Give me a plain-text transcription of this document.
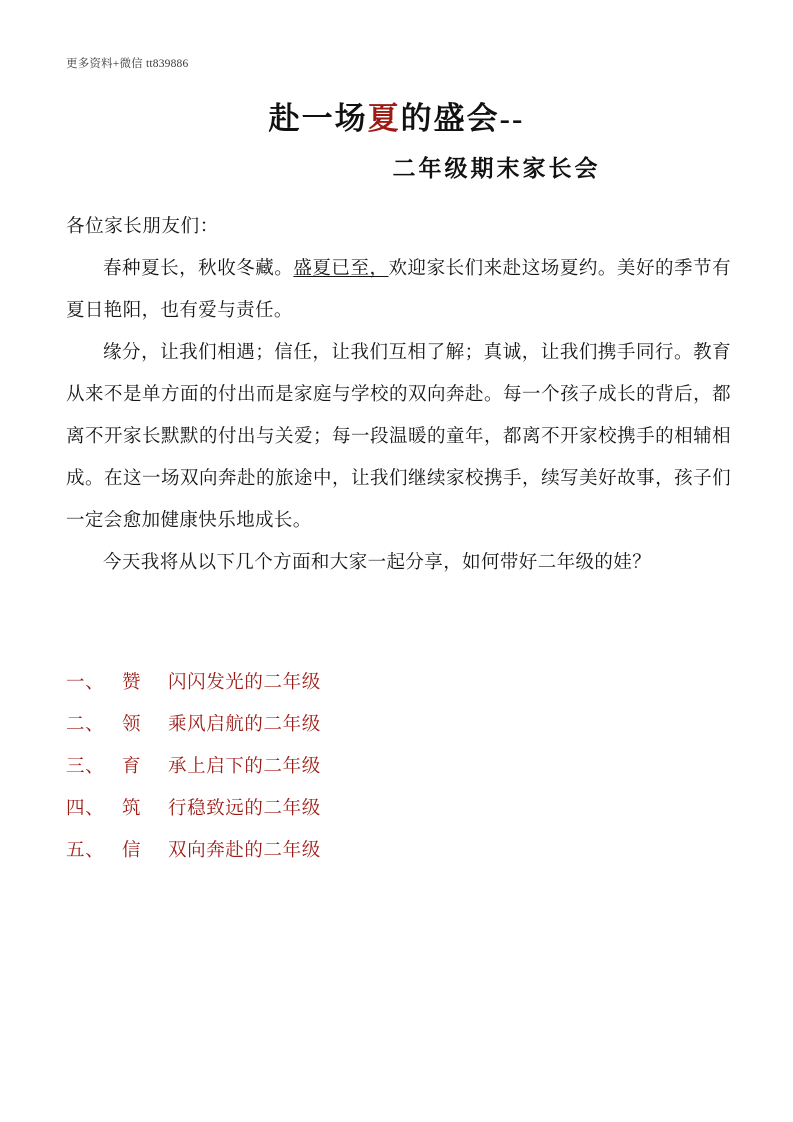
更多资料+微信 tt839886
赴一场夏的盛会--
二年级期末家长会
各位家长朋友们：

春种夏长，秋收冬藏。盛夏已至，欢迎家长们来赴这场夏约。美好的季节有夏日艳阳，也有爱与责任。

缘分，让我们相遇；信任，让我们互相了解；真诚，让我们携手同行。教育从来不是单方面的付出而是家庭与学校的双向奔赴。每一个孩子成长的背后，都离不开家长默默的付出与关爱；每一段温暖的童年，都离不开家校携手的相辅相成。在这一场双向奔赴的旅途中，让我们继续家校携手，续写美好故事，孩子们一定会愈加健康快乐地成长。

今天我将从以下几个方面和大家一起分享，如何带好二年级的娃？

一、 赞 闪闪发光的二年级
二、 领 乘风启航的二年级
三、 育 承上启下的二年级
四、 筑 行稳致远的二年级
五、 信 双向奔赴的二年级
